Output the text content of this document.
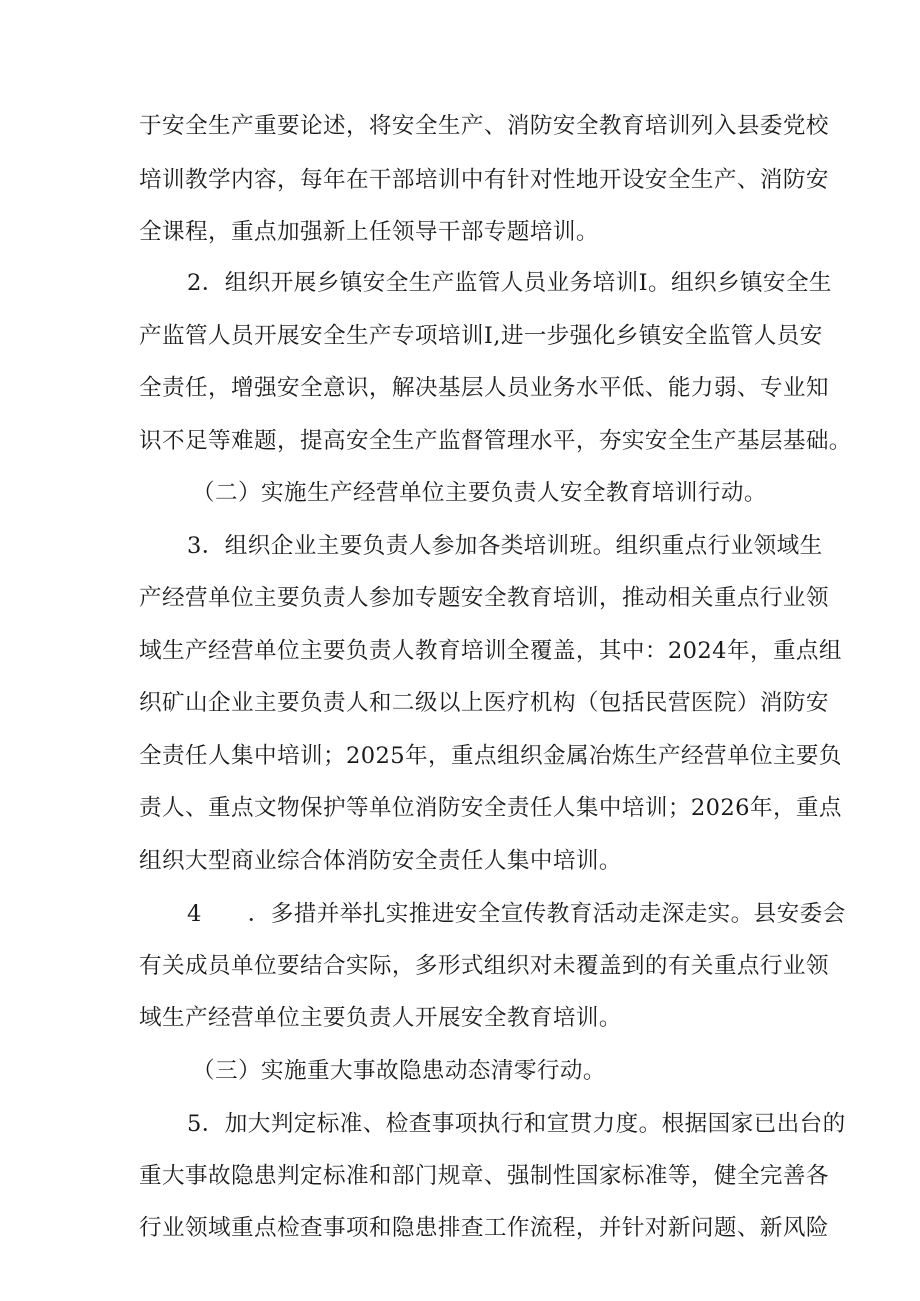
于安全生产重要论述，将安全生产、消防安全教育培训列入县委党校
培训教学内容，每年在干部培训中有针对性地开设安全生产、消防安
全课程，重点加强新上任领导干部专题培训。
2．组织开展乡镇安全生产监管人员业务培训I。组织乡镇安全生
产监管人员开展安全生产专项培训I,进一步强化乡镇安全监管人员安
全责任，增强安全意识，解决基层人员业务水平低、能力弱、专业知
识不足等难题，提高安全生产监督管理水平，夯实安全生产基层基础。
（二）实施生产经营单位主要负责人安全教育培训行动。
3．组织企业主要负责人参加各类培训班。组织重点行业领域生
产经营单位主要负责人参加专题安全教育培训，推动相关重点行业领
域生产经营单位主要负责人教育培训全覆盖，其中：2024年，重点组
织矿山企业主要负责人和二级以上医疗机构（包括民营医院）消防安
全责任人集中培训；2025年，重点组织金属冶炼生产经营单位主要负
责人、重点文物保护等单位消防安全责任人集中培训；2026年，重点
组织大型商业综合体消防安全责任人集中培训。
4　　．多措并举扎实推进安全宣传教育活动走深走实。县安委会
有关成员单位要结合实际，多形式组织对未覆盖到的有关重点行业领
域生产经营单位主要负责人开展安全教育培训。
（三）实施重大事故隐患动态清零行动。
5．加大判定标准、检查事项执行和宣贯力度。根据国家已出台的
重大事故隐患判定标准和部门规章、强制性国家标准等，健全完善各
行业领域重点检查事项和隐患排查工作流程，并针对新问题、新风险
